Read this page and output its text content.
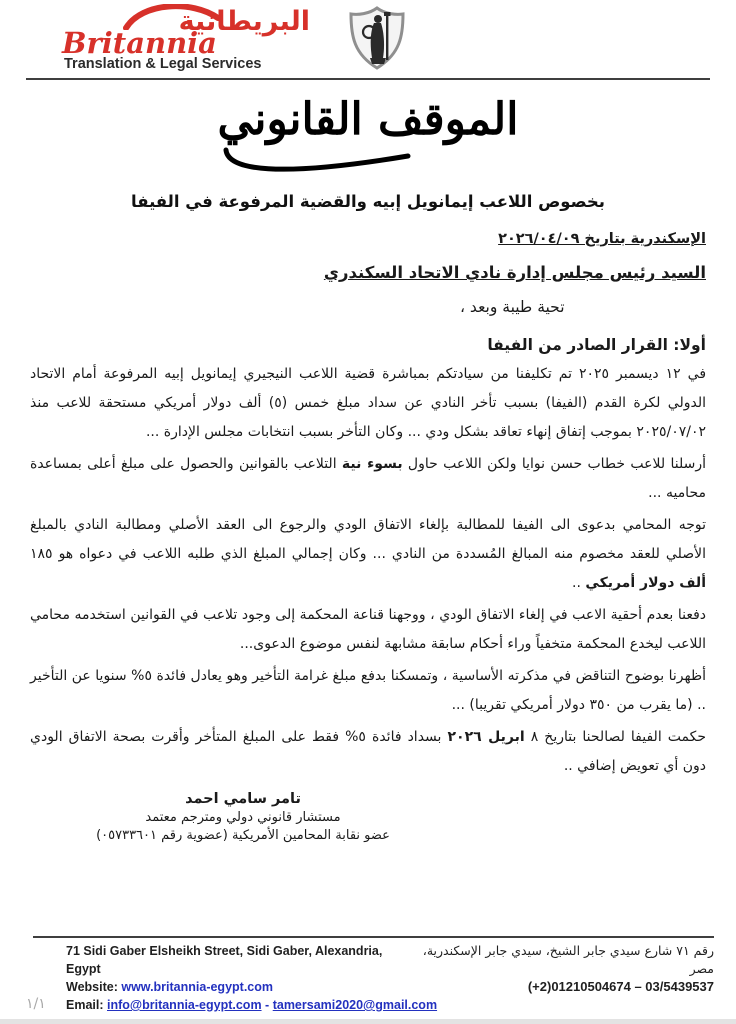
البريطانية
Britannia
Translation & Legal Services
الموقف القانوني
بخصوص اللاعب إيمانويل إبيه والقضية المرفوعة في الفيفا
الإسكندرية بتاريخ ٢٠٢٦/٠٤/٠٩
السيد رئيس مجلس إدارة نادي الاتحاد السكندري
تحية طيبة وبعد ،
أولا: القرار الصادر من الفيفا

في ١٢ ديسمبر ٢٠٢٥ تم تكليفنا من سيادتكم بمباشرة قضية اللاعب النيجيري إيمانويل إبيه المرفوعة أمام الاتحاد الدولي لكرة القدم (الفيفا) بسبب تأخر النادي عن سداد مبلغ خمس (٥) ألف دولار أمريكي مستحقة للاعب منذ ٢٠٢٥/٠٧/٠٢ بموجب إتفاق إنهاء تعاقد بشكل ودي ... وكان التأخر بسبب انتخابات مجلس الإدارة ...

أرسلنا للاعب خطاب حسن نوايا ولكن اللاعب حاول بسوء نية التلاعب بالقوانين والحصول على مبلغ أعلى بمساعدة محاميه ...

توجه المحامي بدعوى الى الفيفا للمطالبة بإلغاء الاتفاق الودي والرجوع الى العقد الأصلي ومطالبة النادي بالمبلغ الأصلي للعقد مخصوم منه المبالغ المُسددة من النادي ... وكان إجمالي المبلغ الذي طلبه اللاعب في دعواه هو ١٨٥ ألف دولار أمريكي ..

دفعنا بعدم أحقية الاعب في إلغاء الاتفاق الودي ، ووجهنا قناعة المحكمة إلى وجود تلاعب في القوانين استخدمه محامي اللاعب ليخدع المحكمة متخفياً وراء أحكام سابقة مشابهة لنفس موضوع الدعوى...

أظهرنا بوضوح التناقض في مذكرته الأساسية ، وتمسكنا بدفع مبلغ غرامة التأخير وهو يعادل فائدة ٥% سنويا عن التأخير .. (ما يقرب من ٣٥٠ دولار أمريكي تقريبا) ...

حكمت الفيفا لصالحنا بتاريخ ٨ ابريل ٢٠٢٦ بسداد فائدة ٥% فقط على المبلغ المتأخر وأقرت بصحة الاتفاق الودي دون أي تعويض إضافي ..

تامر سامي احمد
مستشار قانوني دولي ومترجم معتمد
عضو نقابة المحامين الأمريكية (عضوية رقم ٠٥٧٣٣٦٠١)
71 Sidi Gaber Elsheikh Street, Sidi Gaber, Alexandria, Egypt
رقم ٧١ شارع سيدي جابر الشيخ، سيدي جابر الإسكندرية، مصر
Website: www.britannia-egypt.com	(+2)01210504674 – 03/5439537
Email: info@britannia-egypt.com - tamersami2020@gmail.com
١/١
